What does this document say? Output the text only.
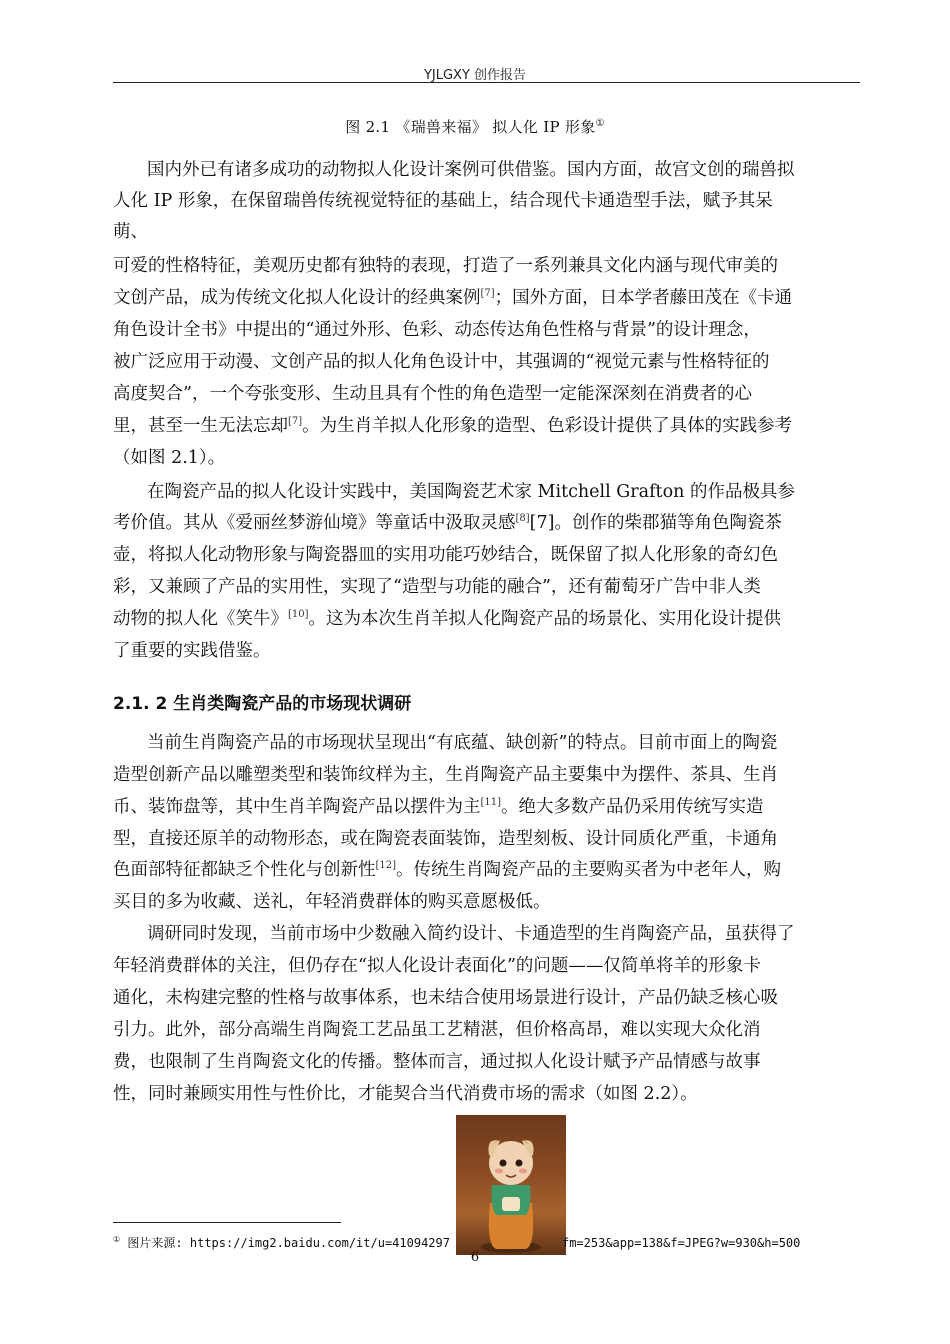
YJLGXY 创作报告
图 2.1 《瑞兽来福》 拟人化 IP 形象①
国内外已有诸多成功的动物拟人化设计案例可供借鉴。国内方面，故宫文创的瑞兽拟
人化 IP 形象，在保留瑞兽传统视觉特征的基础上，结合现代卡通造型手法，赋予其呆
萌、
可爱的性格特征，美观历史都有独特的表现，打造了一系列兼具文化内涵与现代审美的
文创产品，成为传统文化拟人化设计的经典案例[7]；国外方面，日本学者藤田茂在《卡通
角色设计全书》中提出的“通过外形、色彩、动态传达角色性格与背景”的设计理念，
被广泛应用于动漫、文创产品的拟人化角色设计中，其强调的“视觉元素与性格特征的
高度契合”，一个夸张变形、生动且具有个性的角色造型一定能深深刻在消费者的心
里，甚至一生无法忘却[7]。为生肖羊拟人化形象的造型、色彩设计提供了具体的实践参考
（如图 2.1）。
在陶瓷产品的拟人化设计实践中，美国陶瓷艺术家 Mitchell Grafton 的作品极具参
考价值。其从《爱丽丝梦游仙境》等童话中汲取灵感[8][7]。创作的柴郡猫等角色陶瓷茶
壶，将拟人化动物形象与陶瓷器皿的实用功能巧妙结合，既保留了拟人化形象的奇幻色
彩，又兼顾了产品的实用性，实现了“造型与功能的融合”，还有葡萄牙广告中非人类
动物的拟人化《笑牛》[10]。这为本次生肖羊拟人化陶瓷产品的场景化、实用化设计提供
了重要的实践借鉴。
2.1. 2 生肖类陶瓷产品的市场现状调研
当前生肖陶瓷产品的市场现状呈现出“有底蕴、缺创新”的特点。目前市面上的陶瓷
造型创新产品以雕塑类型和装饰纹样为主，生肖陶瓷产品主要集中为摆件、茶具、生肖
币、装饰盘等，其中生肖羊陶瓷产品以摆件为主[11]。绝大多数产品仍采用传统写实造
型，直接还原羊的动物形态，或在陶瓷表面装饰，造型刻板、设计同质化严重，卡通角
色面部特征都缺乏个性化与创新性[12]。传统生肖陶瓷产品的主要购买者为中老年人，购
买目的多为收藏、送礼，年轻消费群体的购买意愿极低。
调研同时发现，当前市场中少数融入简约设计、卡通造型的生肖陶瓷产品，虽获得了
年轻消费群体的关注，但仍存在“拟人化设计表面化”的问题——仅简单将羊的形象卡
通化，未构建完整的性格与故事体系，也未结合使用场景进行设计，产品仍缺乏核心吸
引力。此外，部分高端生肖陶瓷工艺品虽工艺精湛，但价格高昂，难以实现大众化消
费，也限制了生肖陶瓷文化的传播。整体而言，通过拟人化设计赋予产品情感与故事
性，同时兼顾实用性与性价比，才能契合当代消费市场的需求（如图 2.2）。
① 图片来源: https://img2.baidu.com/it/u=41094297	fm=253&app=138&f=JPEG?w=930&h=500
6
